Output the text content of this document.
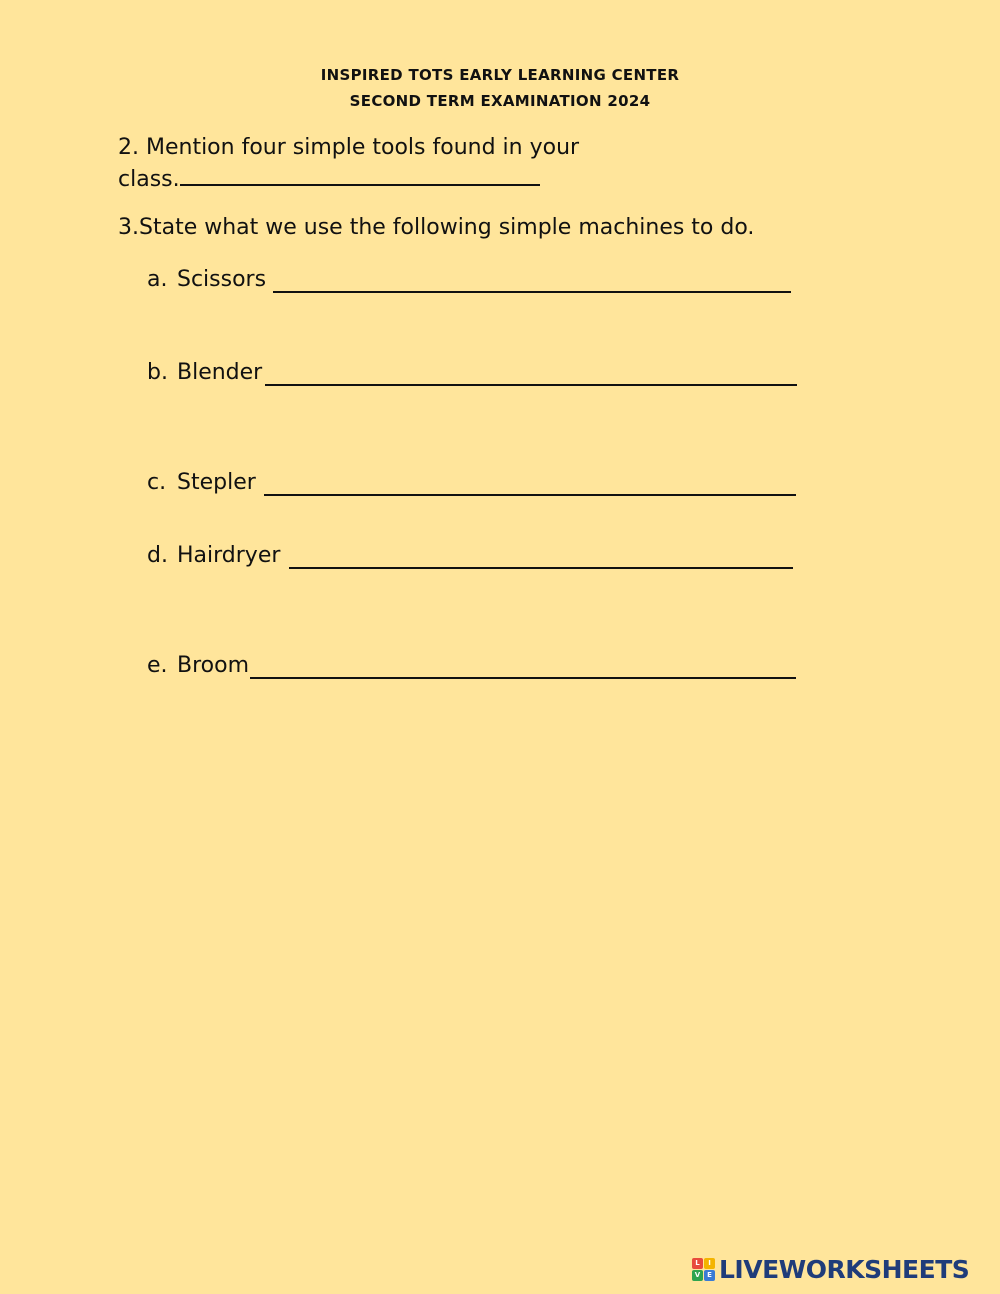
INSPIRED TOTS EARLY LEARNING CENTER
SECOND TERM EXAMINATION 2024
2. Mention four simple tools found in your
class.
3.State what we use the following simple machines to do.
a. Scissors
b. Blender
c. Stepler
d. Hairdryer
e. Broom
L	I
V E LIVEWORKSHEETS
